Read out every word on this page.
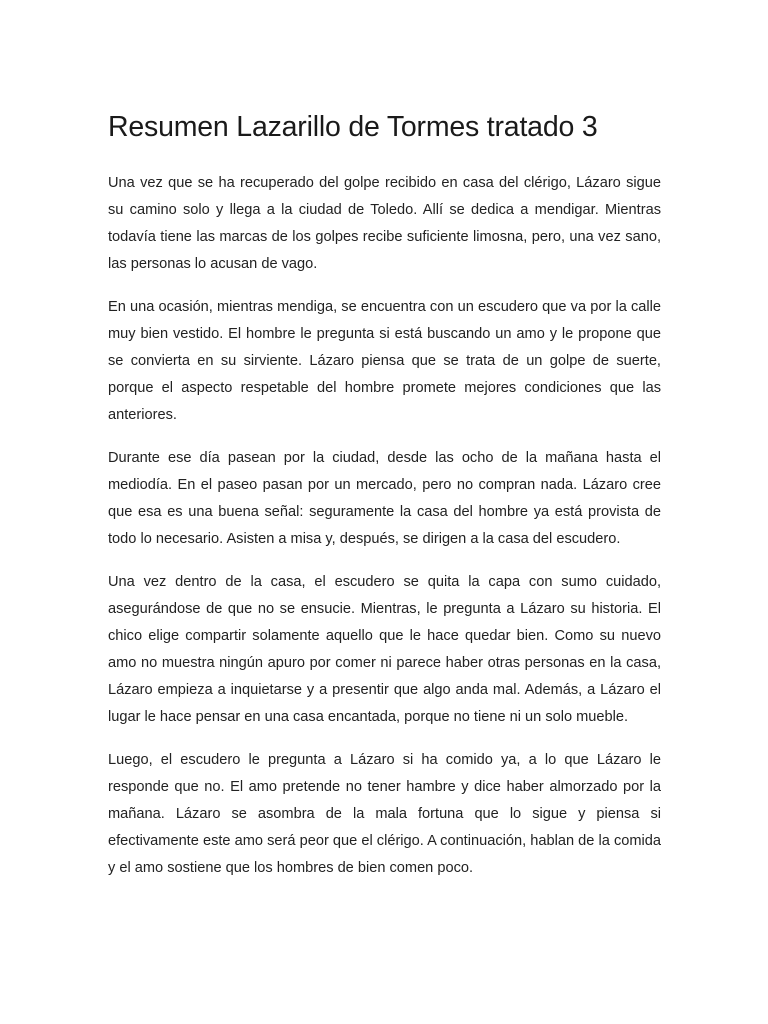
Resumen Lazarillo de Tormes tratado 3

Una vez que se ha recuperado del golpe recibido en casa del clérigo, Lázaro sigue su camino solo y llega a la ciudad de Toledo. Allí se dedica a mendigar. Mientras todavía tiene las marcas de los golpes recibe suficiente limosna, pero, una vez sano, las personas lo acusan de vago.

En una ocasión, mientras mendiga, se encuentra con un escudero que va por la calle muy bien vestido. El hombre le pregunta si está buscando un amo y le propone que se convierta en su sirviente. Lázaro piensa que se trata de un golpe de suerte, porque el aspecto respetable del hombre promete mejores condiciones que las anteriores.

Durante ese día pasean por la ciudad, desde las ocho de la mañana hasta el mediodía. En el paseo pasan por un mercado, pero no compran nada. Lázaro cree que esa es una buena señal: seguramente la casa del hombre ya está provista de todo lo necesario. Asisten a misa y, después, se dirigen a la casa del escudero.

Una vez dentro de la casa, el escudero se quita la capa con sumo cuidado, asegurándose de que no se ensucie. Mientras, le pregunta a Lázaro su historia. El chico elige compartir solamente aquello que le hace quedar bien. Como su nuevo amo no muestra ningún apuro por comer ni parece haber otras personas en la casa, Lázaro empieza a inquietarse y a presentir que algo anda mal. Además, a Lázaro el lugar le hace pensar en una casa encantada, porque no tiene ni un solo mueble.

Luego, el escudero le pregunta a Lázaro si ha comido ya, a lo que Lázaro le responde que no. El amo pretende no tener hambre y dice haber almorzado por la mañana. Lázaro se asombra de la mala fortuna que lo sigue y piensa si efectivamente este amo será peor que el clérigo. A continuación, hablan de la comida y el amo sostiene que los hombres de bien comen poco.
